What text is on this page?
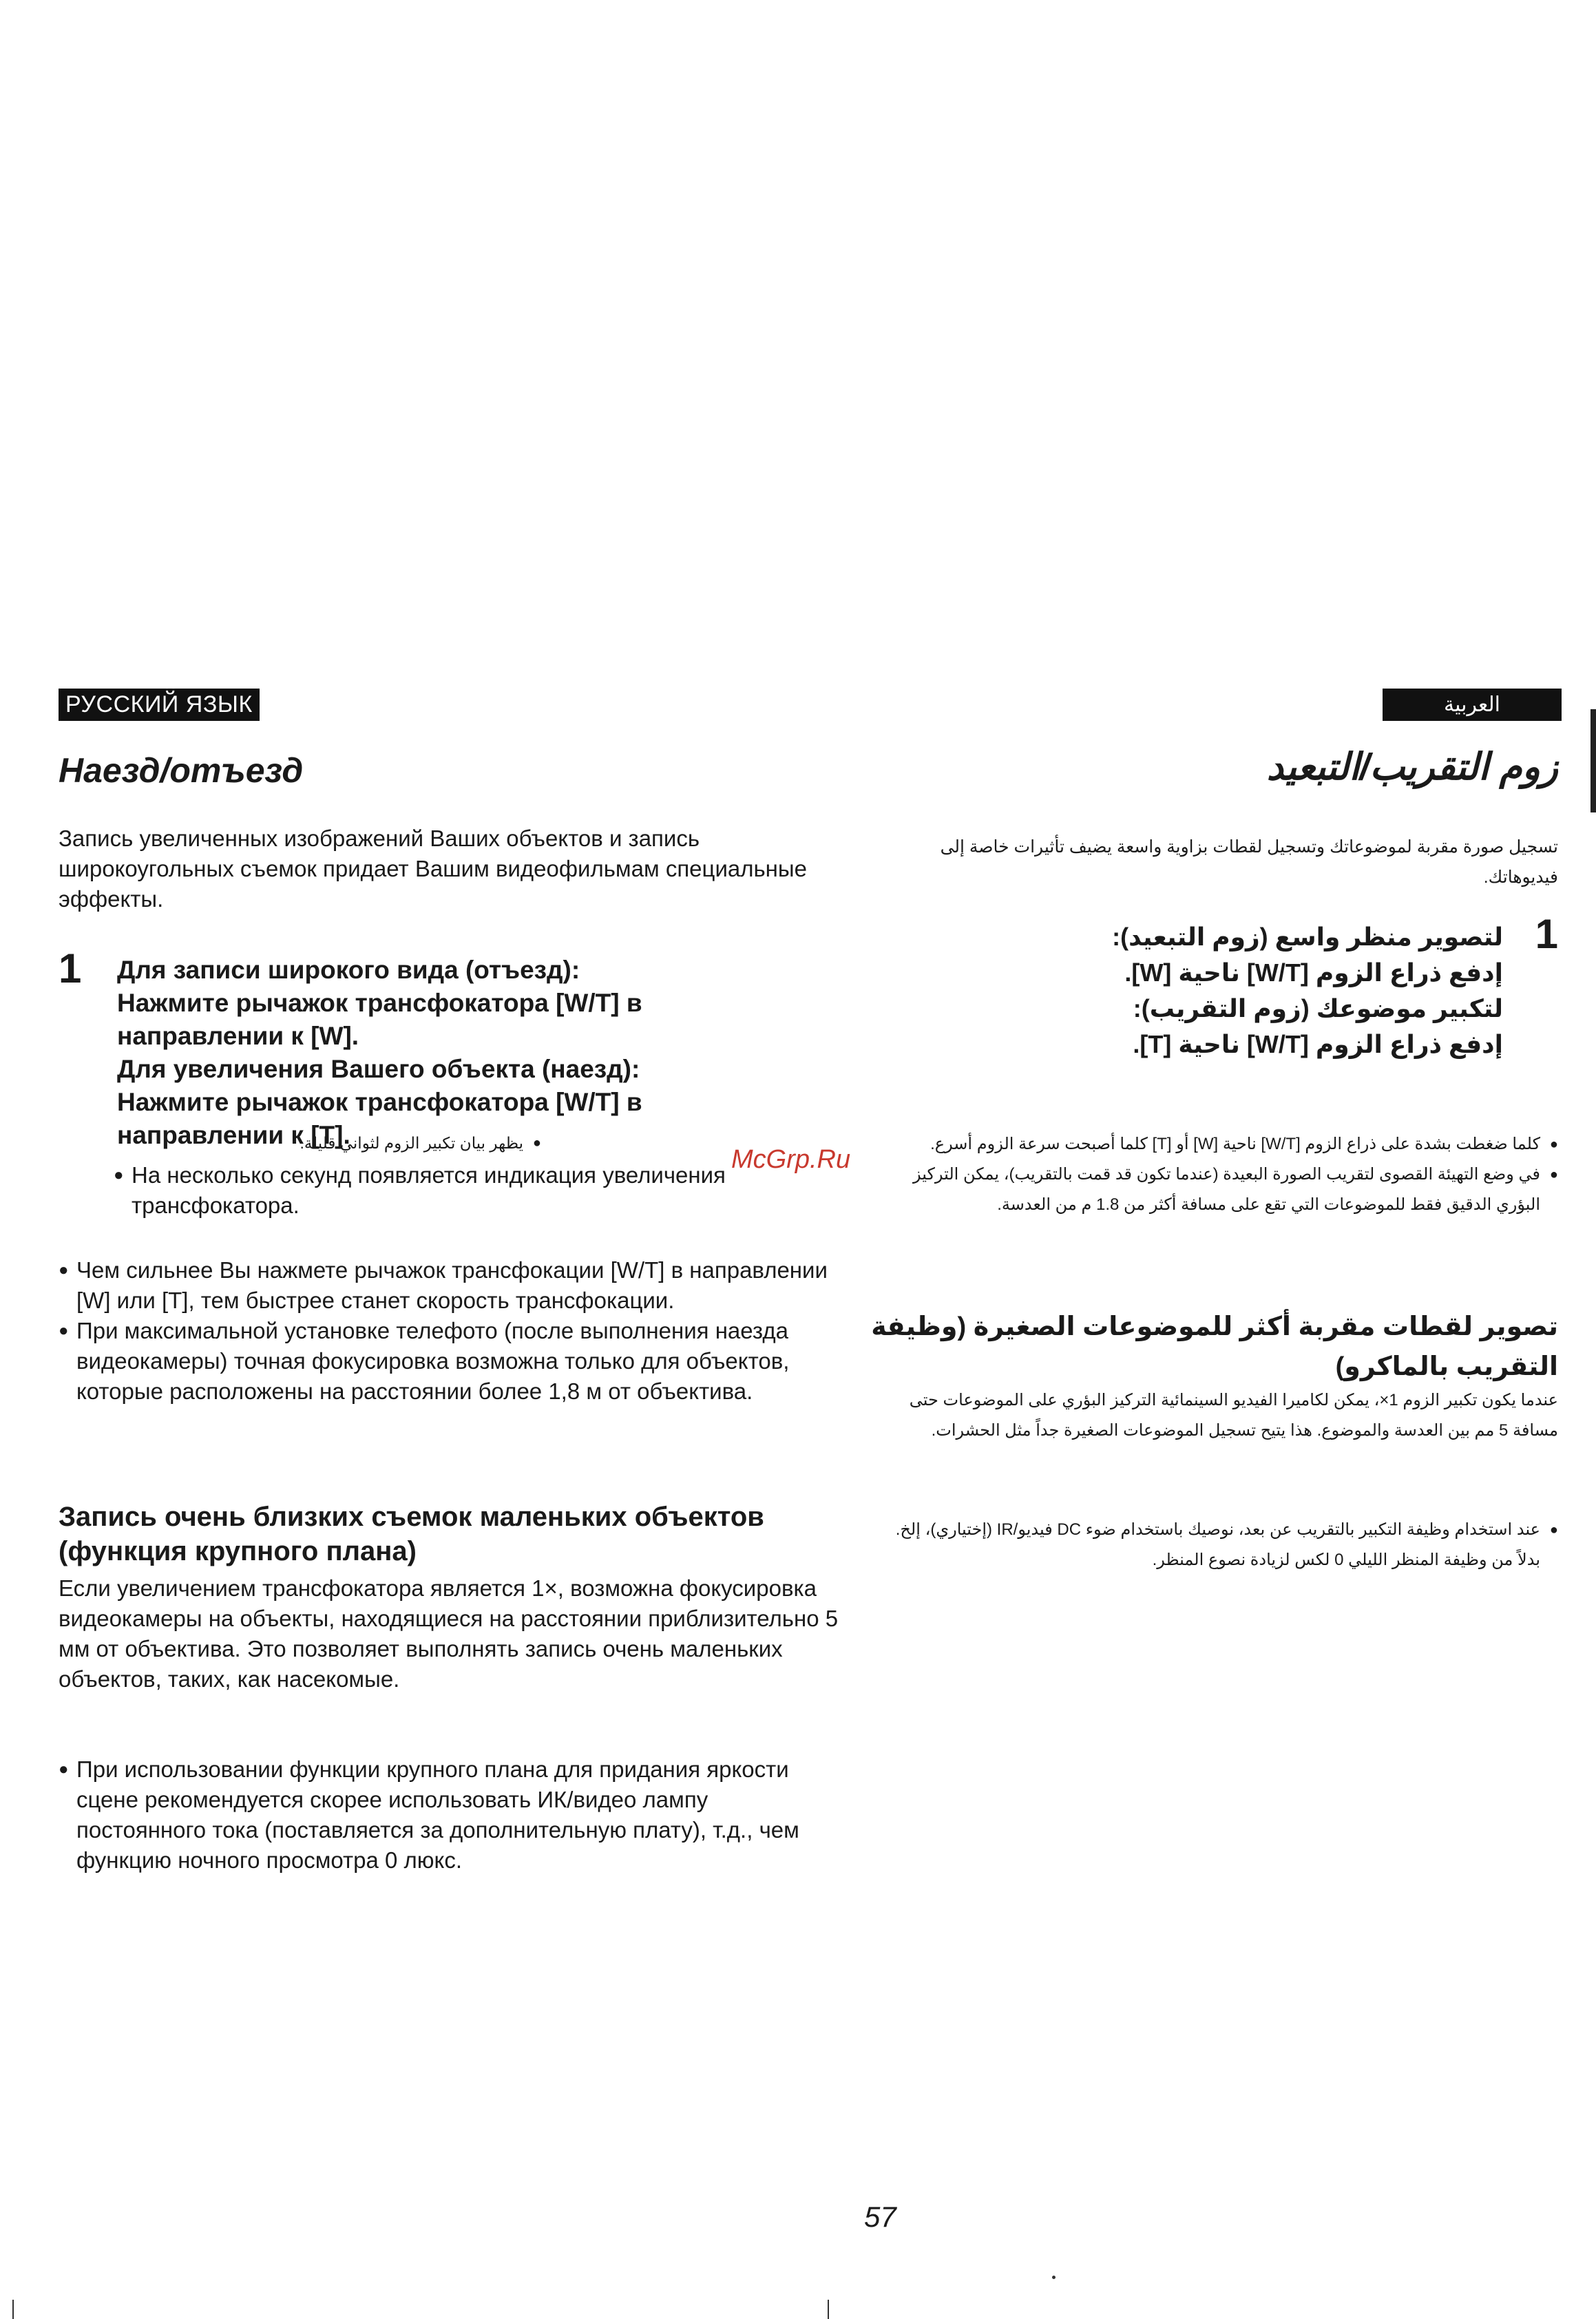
РУССКИЙ ЯЗЫК
Наезд/отъезд

Запись увеличенных изображений Ваших объектов и запись широкоугольных съемок придает Вашим видеофильмам специальные эффекты.

1 Для записи широкого вида (отъезд):
Нажмите рычажок трансфокатора [W/T] в
направлении к [W].
Для увеличения Вашего объекта (наезд):
Нажмите рычажок трансфокатора [W/T] в
направлении к [T].
● На несколько секунд появляется индикация увеличения трансфокатора.
● Чем сильнее Вы нажмете рычажок трансфокации [W/T] в направлении [W] или [T], тем быстрее станет скорость трансфокации.
● При максимальной установке телефото (после выполнения наезда видеокамеры) точная фокусировка возможна только для объектов, которые расположены на расстоянии более 1,8 м от объектива.
Запись очень близких съемок маленьких объектов (функция крупного плана)

Если увеличением трансфокатора является 1×, возможна фокусировка видеокамеры на объекты, находящиеся на расстоянии приблизительно 5 мм от объектива. Это позволяет выполнять запись очень маленьких объектов, таких, как насекомые.

● При использовании функции крупного плана для придания яркости сцене рекомендуется скорее использовать ИК/видео лампу постоянного тока (поставляется за дополнительную плату), т.д., чем функцию ночного просмотра 0 люкс.
McGrp.Ru
العربية
زوم التقريب/التبعيد

تسجيل صورة مقربة لموضوعاتك وتسجيل لقطات بزاوية واسعة يضيف تأثيرات خاصة إلى فيديوهاتك.

1
لتصوير منظر واسع (زوم التبعيد):
إدفع ذراع الزوم [W/T] ناحية [W].
لتكبير موضوعك (زوم التقريب):
إدفع ذراع الزوم [W/T] ناحية [T].
● يظهر بيان تكبير الزوم لثواني قليلة.
●	كلما ضغطت بشدة على ذراع الزوم [W/T] ناحية [W] أو [T] كلما أصبحت سرعة الزوم أسرع.
● في وضع التهيئة القصوى لتقريب الصورة البعيدة (عندما تكون قد قمت بالتقريب)، يمكن التركيز البؤري الدقيق فقط للموضوعات التي تقع على مسافة أكثر من 1.8 م من العدسة.
تصوير لقطات مقربة أكثر للموضوعات الصغيرة (وظيفة التقريب بالماكرو)

عندما يكون تكبير الزوم 1×، يمكن لكاميرا الفيديو السينمائية التركيز البؤري على الموضوعات حتى مسافة 5 مم بين العدسة والموضوع. هذا يتيح تسجيل الموضوعات الصغيرة جداً مثل الحشرات.

● عند استخدام وظيفة التكبير بالتقريب عن بعد، نوصيك باستخدام ضوء DC فيديو/IR (إختياري)، إلخ. بدلاً من وظيفة المنظر الليلي 0 لكس لزيادة نصوع المنظر.
57
